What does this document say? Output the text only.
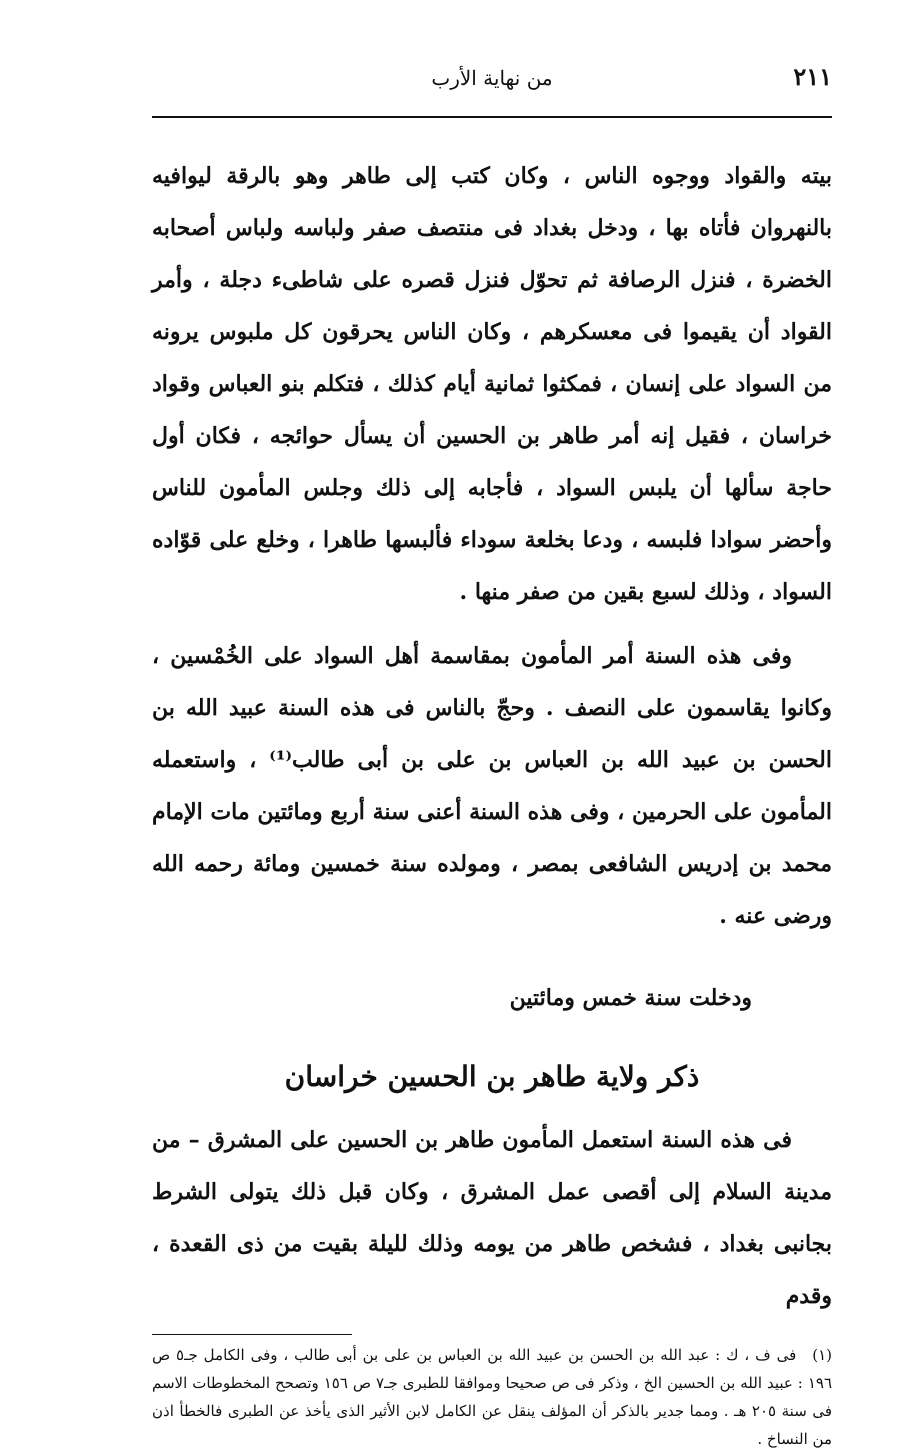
٢١١
من نهاية الأرب

بيته والقواد ووجوه الناس ، وكان كتب إلى طاهر وهو بالرقة ليوافيه بالنهروان فأتاه بها ، ودخل بغداد فى منتصف صفر ولباسه ولباس أصحابه الخضرة ، فنزل الرصافة ثم تحوّل فنزل قصره على شاطىء دجلة ، وأمر القواد أن يقيموا فى معسكرهم ، وكان الناس يحرقون كل ملبوس يرونه من السواد على إنسان ، فمكثوا ثمانية أيام كذلك ، فتكلم بنو العباس وقواد خراسان ، فقيل إنه أمر طاهر بن الحسين أن يسأل حوائجه ، فكان أول حاجة سألها أن يلبس السواد ، فأجابه إلى ذلك وجلس المأمون للناس وأحضر سوادا فلبسه ، ودعا بخلعة سوداء فألبسها طاهرا ، وخلع على قوّاده السواد ، وذلك لسبع بقين من صفر منها .

وفى هذه السنة أمر المأمون بمقاسمة أهل السواد على الخُمْسين ، وكانوا يقاسمون على النصف . وحجّ بالناس فى هذه السنة عبيد الله بن الحسن بن عبيد الله بن العباس بن على بن أبى طالب⁽¹⁾ ، واستعمله المأمون على الحرمين ، وفى هذه السنة أعنى سنة أربع ومائتين مات الإمام محمد بن إدريس الشافعى بمصر ، ومولده سنة خمسين ومائة رحمه الله ورضى عنه .

ودخلت سنة خمس ومائتين
ذكر ولاية طاهر بن الحسين خراسان

فى هذه السنة استعمل المأمون طاهر بن الحسين على المشرق – من مدينة السلام إلى أقصى عمل المشرق ، وكان قبل ذلك يتولى الشرط بجانبى بغداد ، فشخص طاهر من يومه وذلك لليلة بقيت من ذى القعدة ، وقدم

(١) فى ف ، ك : عبد الله بن الحسن بن عبيد الله بن العباس بن على بن أبى طالب ، وفى الكامل جـ٥ ص ١٩٦ : عبيد الله بن الحسين الخ ، وذكر فى ص صحيحا وموافقا للطبرى جـ٧ ص ١٥٦ وتصحح المخطوطات الاسم فى سنة ٢٠٥ هـ . ومما جدير بالذكر أن المؤلف ينقل عن الكامل لابن الأثير الذى يأخذ عن الطبرى فالخطأ اذن من النساخ .
